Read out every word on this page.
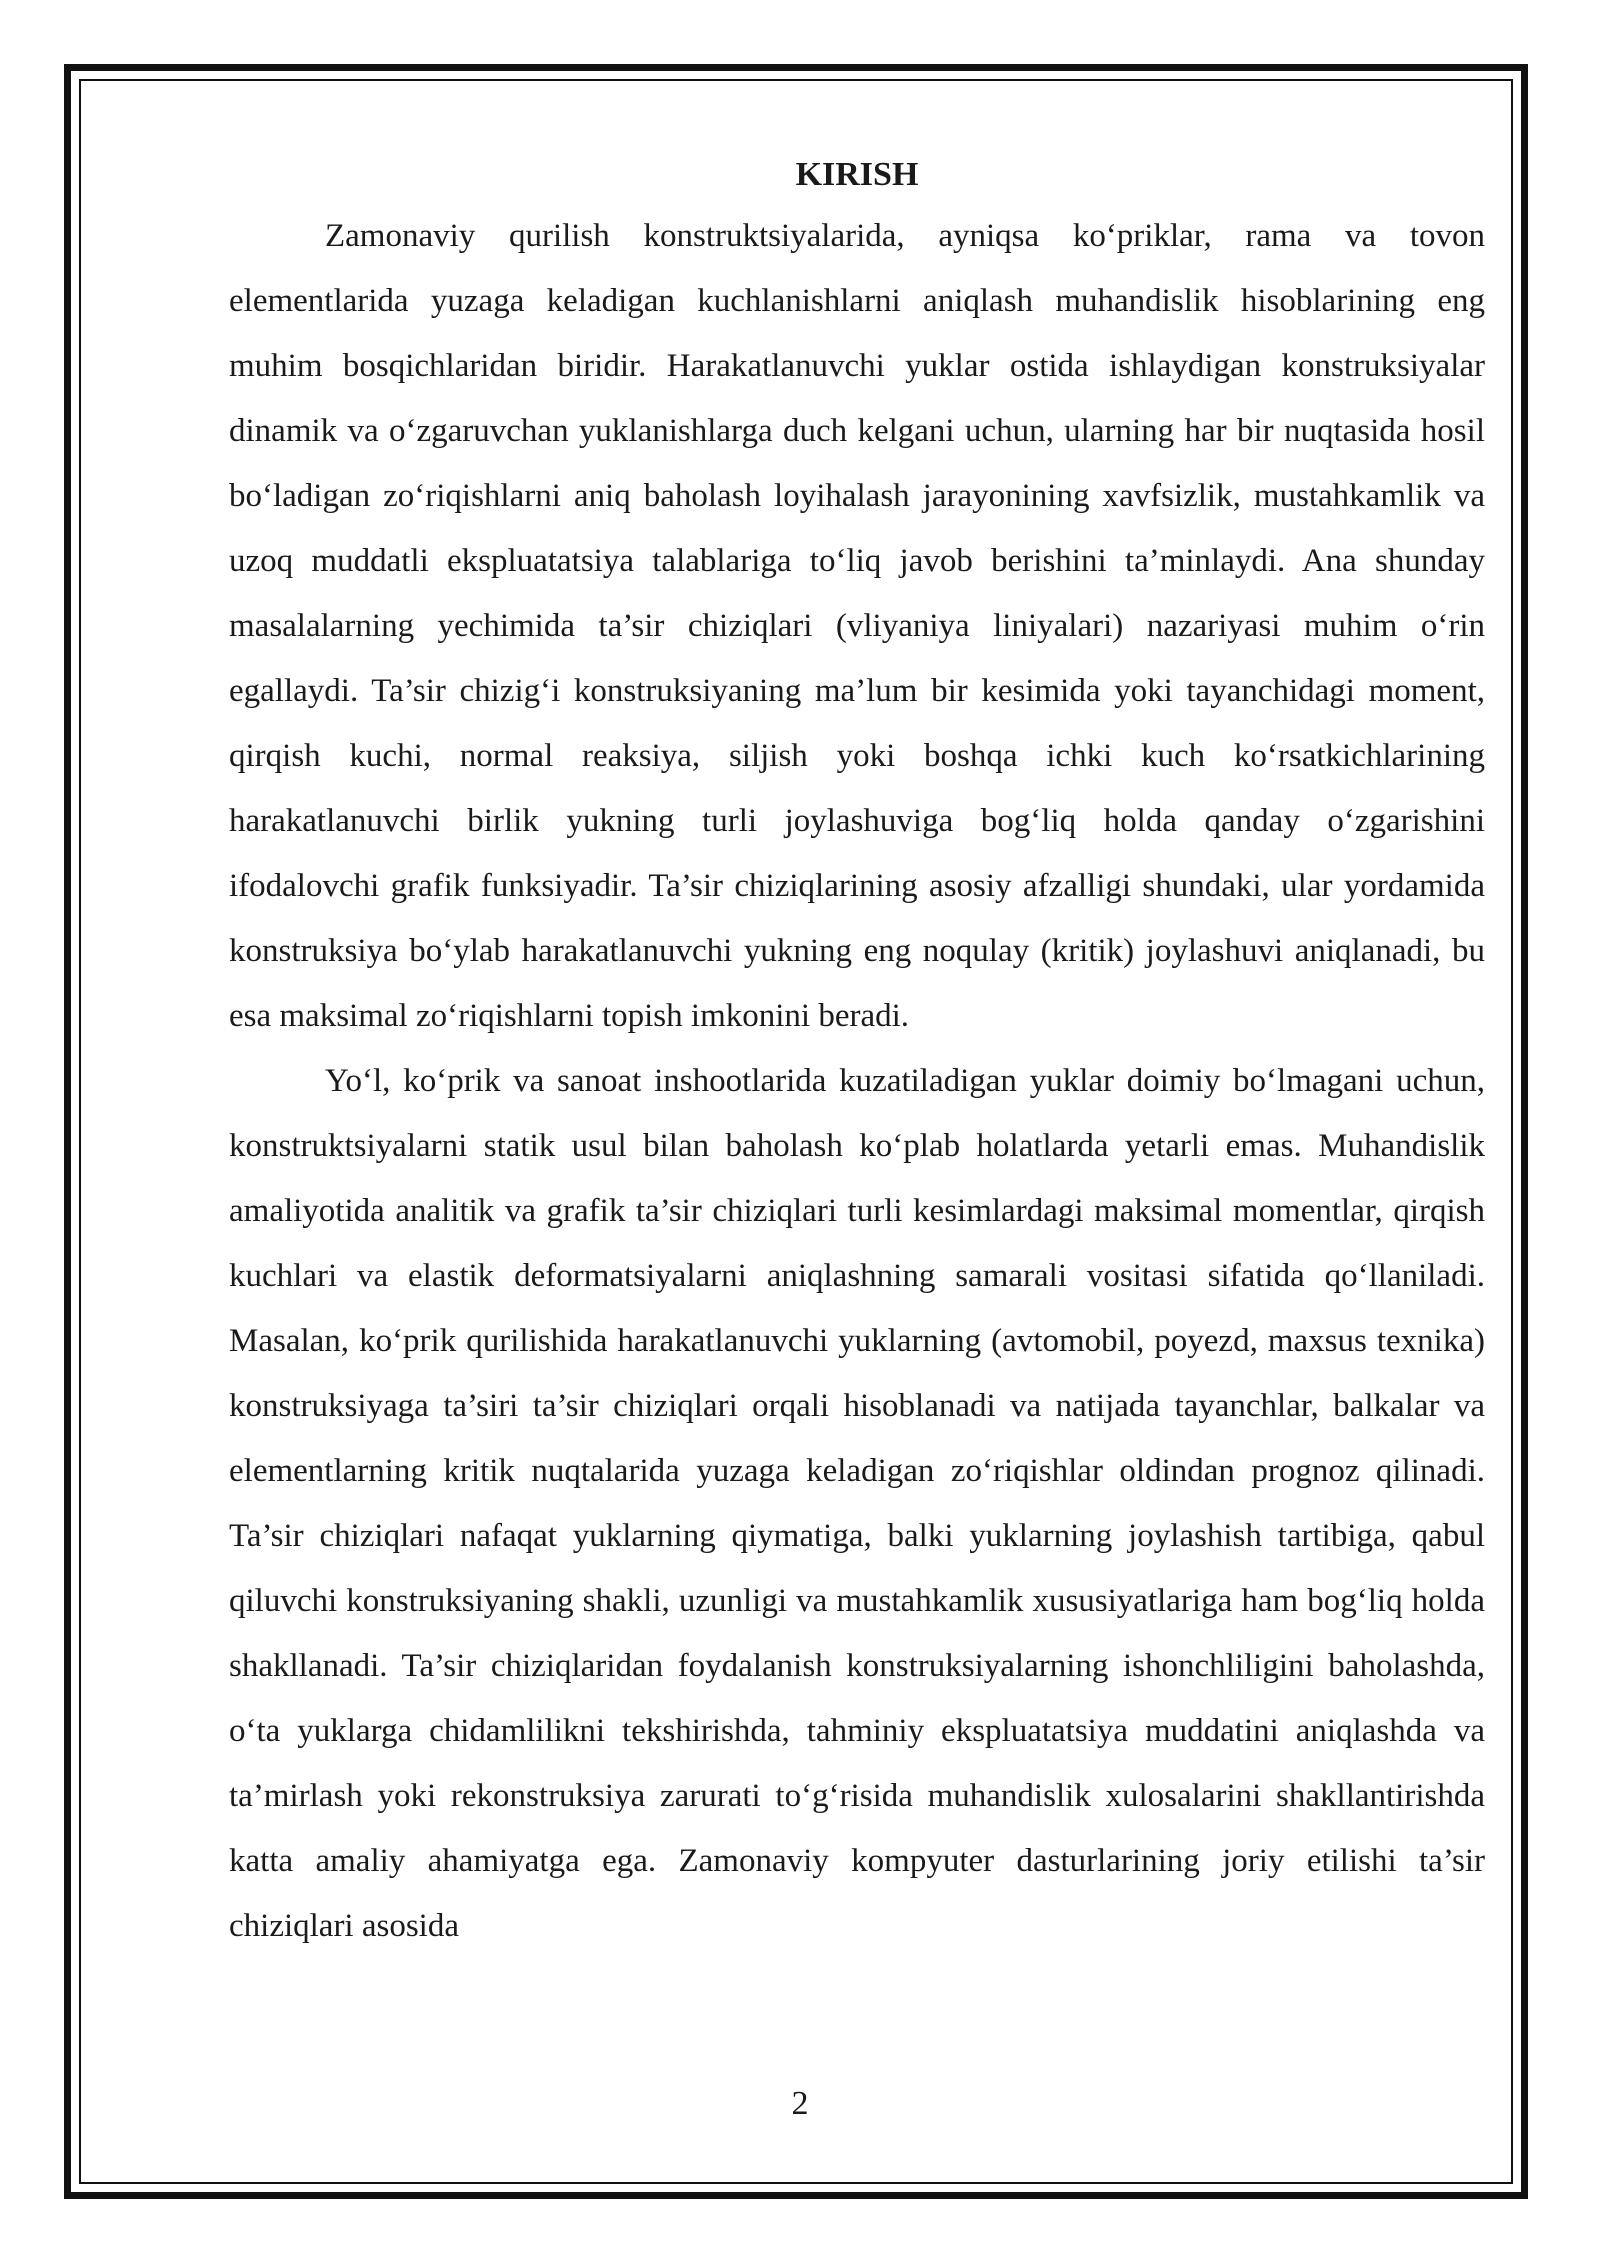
KIRISH

Zamonaviy qurilish konstruktsiyalarida, ayniqsa ko‘priklar, rama va tovon elementlarida yuzaga keladigan kuchlanishlarni aniqlash muhandislik hisoblarining eng muhim bosqichlaridan biridir. Harakatlanuvchi yuklar ostida ishlaydigan konstruksiyalar dinamik va o‘zgaruvchan yuklanishlarga duch kelgani uchun, ularning har bir nuqtasida hosil bo‘ladigan zo‘riqishlarni aniq baholash loyihalash jarayonining xavfsizlik, mustahkamlik va uzoq muddatli ekspluatatsiya talablariga to‘liq javob berishini ta’minlaydi. Ana shunday masalalarning yechimida ta’sir chiziqlari (vliyaniya liniyalari) nazariyasi muhim o‘rin egallaydi. Ta’sir chizig‘i konstruksiyaning ma’lum bir kesimida yoki tayanchidagi moment, qirqish kuchi, normal reaksiya, siljish yoki boshqa ichki kuch ko‘rsatkichlarining harakatlanuvchi birlik yukning turli joylashuviga bog‘liq holda qanday o‘zgarishini ifodalovchi grafik funksiyadir. Ta’sir chiziqlarining asosiy afzalligi shundaki, ular yordamida konstruksiya bo‘ylab harakatlanuvchi yukning eng noqulay (kritik) joylashuvi aniqlanadi, bu esa maksimal zo‘riqishlarni topish imkonini beradi.

Yo‘l, ko‘prik va sanoat inshootlarida kuzatiladigan yuklar doimiy bo‘lmagani uchun, konstruktsiyalarni statik usul bilan baholash ko‘plab holatlarda yetarli emas. Muhandislik amaliyotida analitik va grafik ta’sir chiziqlari turli kesimlardagi maksimal momentlar, qirqish kuchlari va elastik deformatsiyalarni aniqlashning samarali vositasi sifatida qo‘llaniladi. Masalan, ko‘prik qurilishida harakatlanuvchi yuklarning (avtomobil, poyezd, maxsus texnika) konstruksiyaga ta’siri ta’sir chiziqlari orqali hisoblanadi va natijada tayanchlar, balkalar va elementlarning kritik nuqtalarida yuzaga keladigan zo‘riqishlar oldindan prognoz qilinadi. Ta’sir chiziqlari nafaqat yuklarning qiymatiga, balki yuklarning joylashish tartibiga, qabul qiluvchi konstruksiyaning shakli, uzunligi va mustahkamlik xususiyatlariga ham bog‘liq holda shakllanadi. Ta’sir chiziqlaridan foydalanish konstruksiyalarning ishonchliligini baholashda, o‘ta yuklarga chidamlilikni tekshirishda, tahminiy ekspluatatsiya muddatini aniqlashda va ta’mirlash yoki rekonstruksiya zarurati to‘g‘risida muhandislik xulosalarini shakllantirishda katta amaliy ahamiyatga ega. Zamonaviy kompyuter dasturlarining joriy etilishi ta’sir chiziqlari asosida

2
